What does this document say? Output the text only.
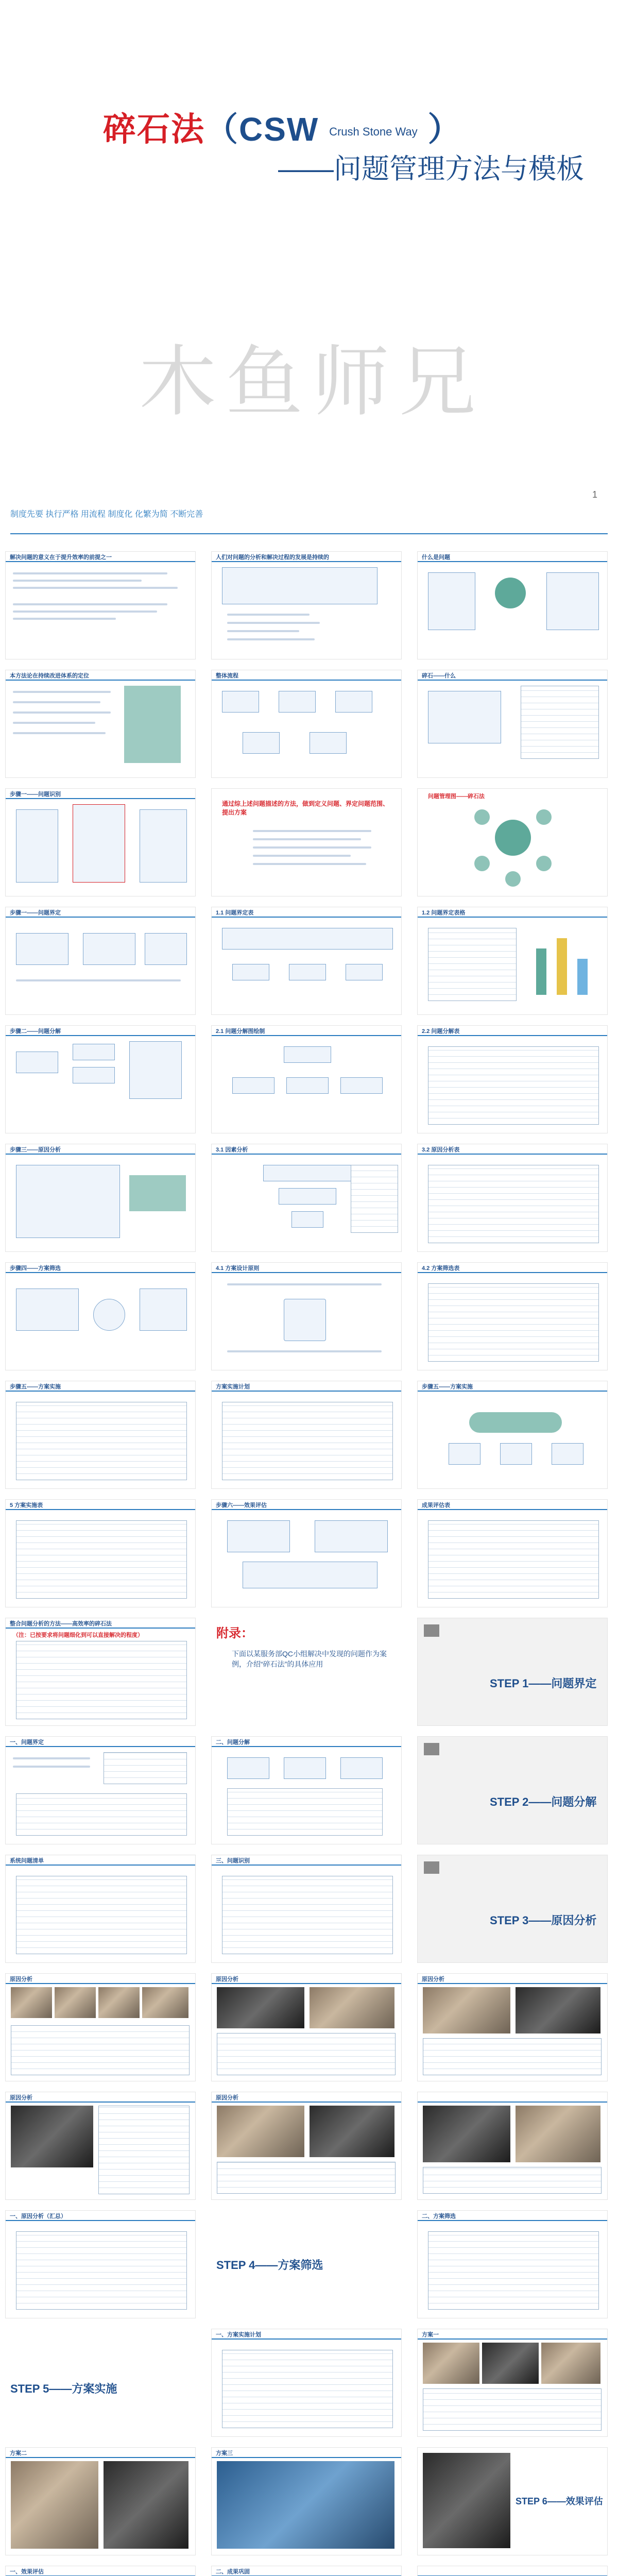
碎石法（CSW Crush Stone Way ）
——问题管理方法与模板
木鱼师兄
1
制度先要 执行严格 用流程 制度化 化繁为简 不断完善
解决问题的意义在于提升效率的前提之一	人们对问题的分析和解决过程的发展是持续的	什么是问题
本方法论在持续改进体系的定位	整体流程	碎石——什么
步骤一——问题识别
通过综上述问题描述的方法，做到定义问题、界定问题范围、提出方案
问题管理图——碎石法
步骤一——问题界定	1.1 问题界定表	1.2 问题界定表格
步骤二——问题分解	2.1 问题分解图绘制	2.2 问题分解表
步骤三——原因分析	3.1 因素分析	3.2 原因分析表
步骤四——方案筛选	4.1 方案设计原则	4.2 方案筛选表
步骤五——方案实施	方案实施计划	步骤五——方案实施
5 方案实施表	步骤六——效果评估	成果评估表
整合问题分析的方法——高效率的碎石法
（注：已按要求将问题细化到可以直接解决的程度）	附录：
下面以某服务部QC小组解决中发现的问题作为案例，介绍“碎石法”的具体应用
STEP 1——问题界定
一、问题界定	二、问题分解
STEP 2——问题分解
系统问题清单	三、问题识别
STEP 3——原因分析
原因分析	原因分析	原因分析
原因分析	原因分析
一、原因分析（汇总）
STEP 4——方案筛选
二、方案筛选
STEP 5——方案实施
一、方案实施计划	方案一
方案二	方案三
STEP 6——效果评估
一、效果评估	二、成果巩固
